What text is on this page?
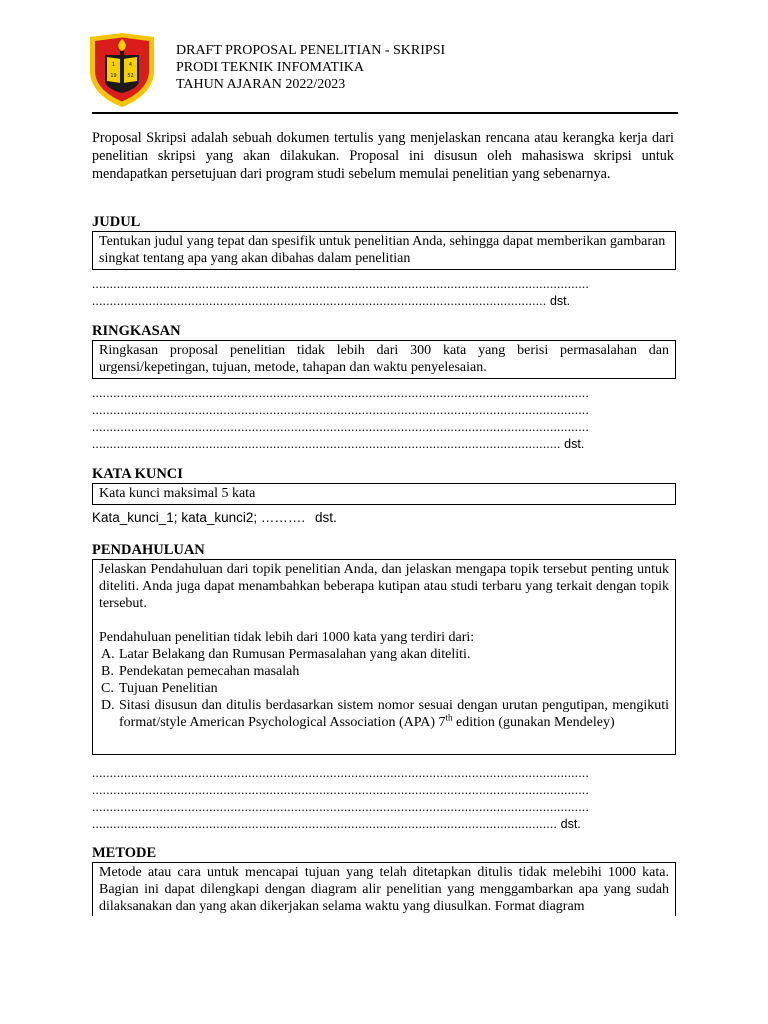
1	4
19 52
DRAFT PROPOSAL PENELITIAN - SKRIPSI
PRODI TEKNIK INFOMATIKA
TAHUN AJARAN 2022/2023
Proposal Skripsi adalah sebuah dokumen tertulis yang menjelaskan rencana atau kerangka kerja dari penelitian skripsi yang akan dilakukan. Proposal ini disusun oleh mahasiswa skripsi untuk mendapatkan persetujuan dari program studi sebelum memulai penelitian yang sebenarnya.
JUDUL
Tentukan judul yang tepat dan spesifik untuk penelitian Anda, sehingga dapat memberikan gambaran singkat tentang apa yang akan dibahas dalam penelitian
............................................................................................................................................
................................................................................................................................ dst.
RINGKASAN
Ringkasan proposal penelitian tidak lebih dari 300 kata yang berisi permasalahan dan urgensi/kepetingan, tujuan, metode, tahapan dan waktu penyelesaian.
............................................................................................................................................
............................................................................................................................................
............................................................................................................................................
.................................................................................................................................... dst.
KATA KUNCI
Kata kunci maksimal 5 kata
Kata_kunci_1; kata_kunci2; ………. dst.
PENDAHULUAN
Jelaskan Pendahuluan dari topik penelitian Anda, dan jelaskan mengapa topik tersebut penting untuk diteliti. Anda juga dapat menambahkan beberapa kutipan atau studi terbaru yang terkait dengan topik tersebut.
Pendahuluan penelitian tidak lebih dari 1000 kata yang terdiri dari:
A. Latar Belakang dan Rumusan Permasalahan yang akan diteliti.
B. Pendekatan pemecahan masalah
C. Tujuan Penelitian
D. Sitasi disusun dan ditulis berdasarkan sistem nomor sesuai dengan urutan pengutipan, mengikuti format/style American Psychological Association (APA) 7th edition (gunakan Mendeley)
............................................................................................................................................
............................................................................................................................................
............................................................................................................................................
................................................................................................................................... dst.
METODE
Metode atau cara untuk mencapai tujuan yang telah ditetapkan ditulis tidak melebihi 1000 kata. Bagian ini dapat dilengkapi dengan diagram alir penelitian yang menggambarkan apa yang sudah dilaksanakan dan yang akan dikerjakan selama waktu yang diusulkan. Format diagram
